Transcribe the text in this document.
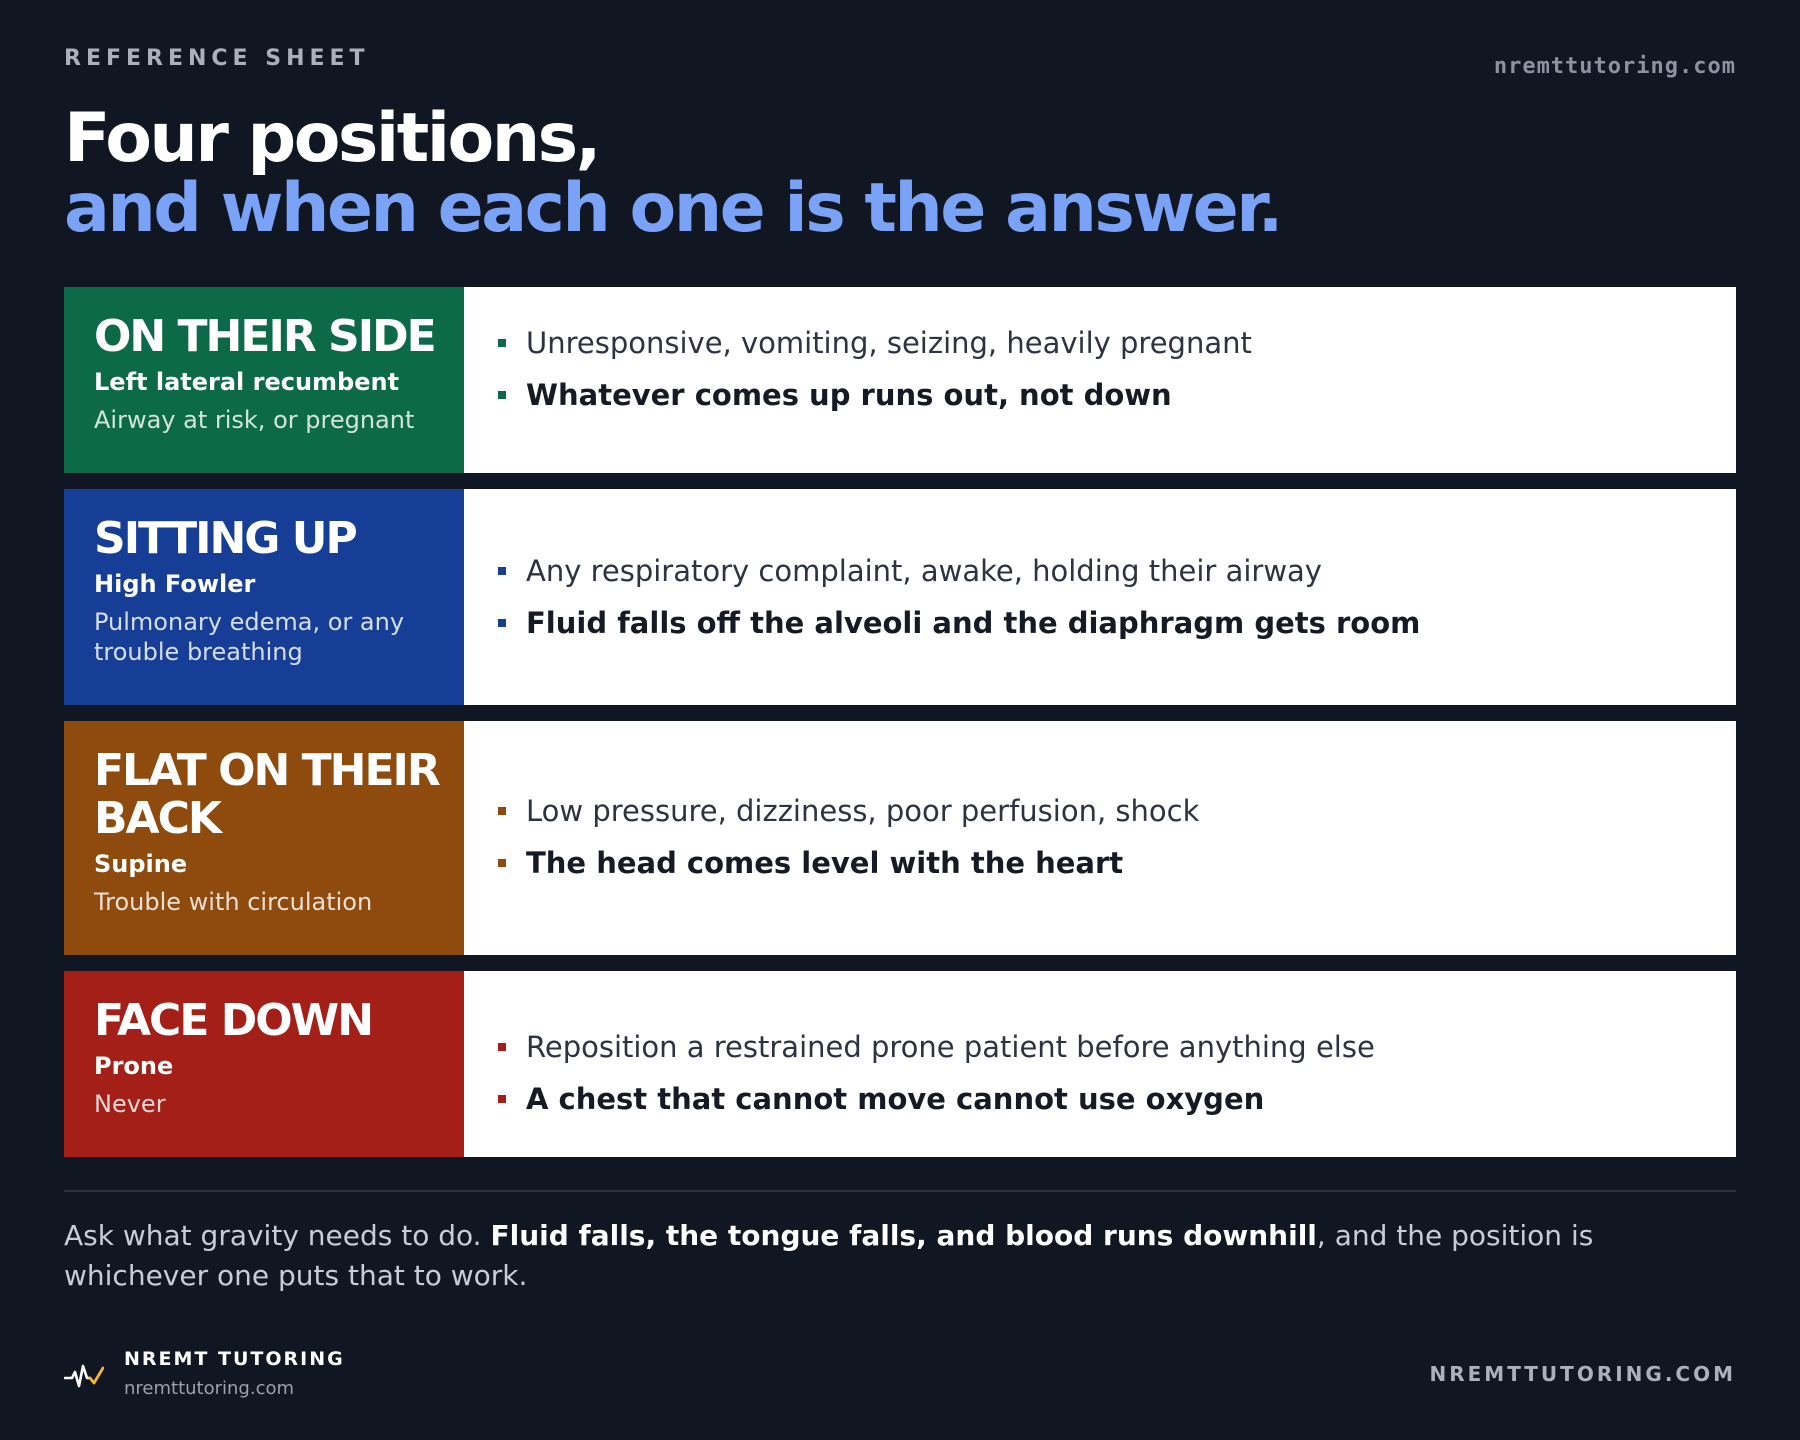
REFERENCE SHEET	nremttutoring.com
Four positions,
and when each one is the answer.
ON THEIR SIDE
Left lateral recumbent
Airway at risk, or pregnant
Unresponsive, vomiting, seizing, heavily pregnant
Whatever comes up runs out, not down
SITTING UP
High Fowler
Pulmonary edema, or any trouble breathing
Any respiratory complaint, awake, holding their airway
Fluid falls off the alveoli and the diaphragm gets room
FLAT ON THEIR BACK
Supine
Trouble with circulation
Low pressure, dizziness, poor perfusion, shock
The head comes level with the heart
FACE DOWN
Prone
Never
Reposition a restrained prone patient before anything else
A chest that cannot move cannot use oxygen

Ask what gravity needs to do. Fluid falls, the tongue falls, and blood runs downhill, and the position is whichever one puts that to work.

NREMT TUTORING
nremttutoring.com
NREMTTUTORING.COM
